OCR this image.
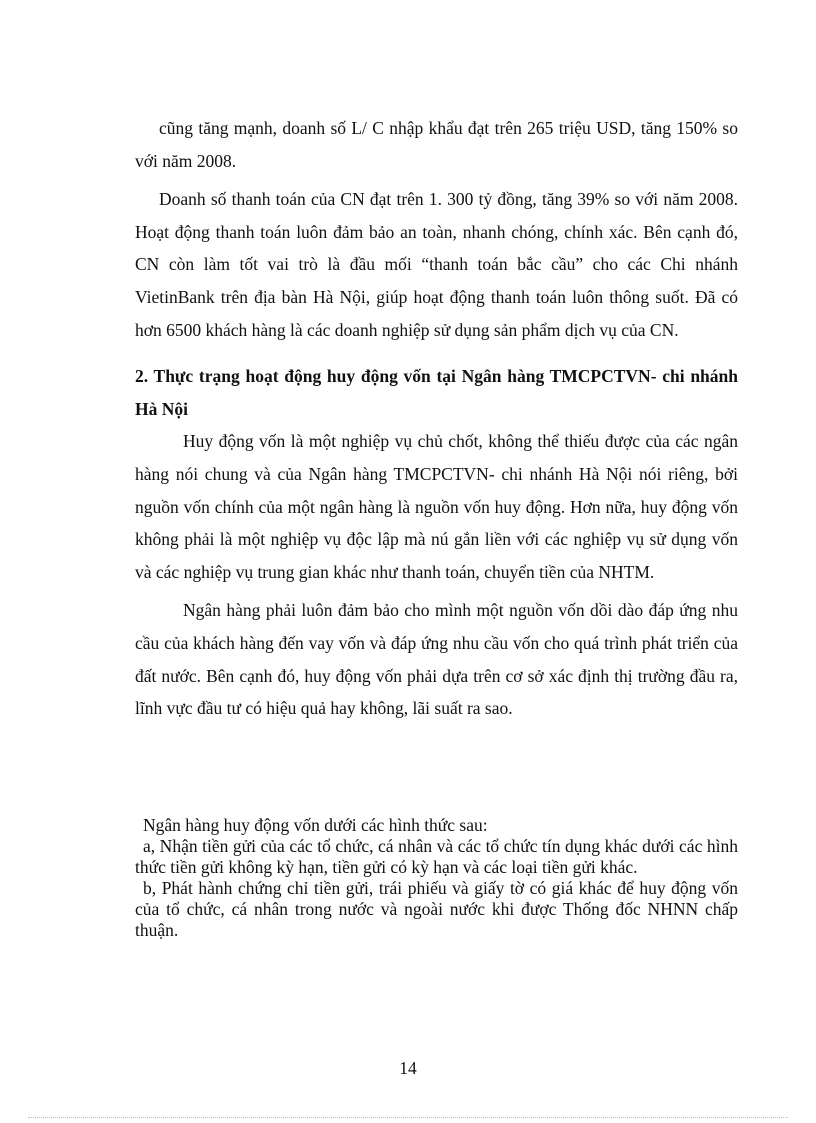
cũng tăng mạnh, doanh số L/ C nhập khẩu đạt trên 265 triệu USD, tăng 150% so với năm 2008.

Doanh số thanh toán của CN đạt trên 1. 300 tỷ đồng, tăng 39% so với năm 2008. Hoạt động thanh toán luôn đảm bảo an toàn, nhanh chóng, chính xác. Bên cạnh đó, CN còn làm tốt vai trò là đầu mối “thanh toán bắc cầu” cho các Chi nhánh VietinBank trên địa bàn Hà Nội, giúp hoạt động thanh toán luôn thông suốt. Đã có hơn 6500 khách hàng là các doanh nghiệp sử dụng sản phẩm dịch vụ của CN.

2. Thực trạng hoạt động huy động vốn tại Ngân hàng TMCPCTVN- chi nhánh Hà Nội

Huy động vốn là một nghiệp vụ chủ chốt, không thể thiếu được của các ngân hàng nói chung và của Ngân hàng TMCPCTVN- chi nhánh Hà Nội nói riêng, bởi nguồn vốn chính của một ngân hàng là nguồn vốn huy động. Hơn nữa, huy động vốn không phải là một nghiệp vụ độc lập mà nú gắn liền với các nghiệp vụ sử dụng vốn và các nghiệp vụ trung gian khác như thanh toán, chuyển tiền của NHTM.

Ngân hàng phải luôn đảm bảo cho mình một nguồn vốn dồi dào đáp ứng nhu cầu của khách hàng đến vay vốn và đáp ứng nhu cầu vốn cho quá trình phát triển của đất nước. Bên cạnh đó, huy động vốn phải dựa trên cơ sở xác định thị trường đầu ra, lĩnh vực đầu tư có hiệu quả hay không, lãi suất ra sao.

Ngân hàng huy động vốn dưới các hình thức sau:

a, Nhận tiền gửi của các tổ chức, cá nhân và các tổ chức tín dụng khác dưới các hình thức tiền gửi không kỳ hạn, tiền gửi có kỳ hạn và các loại tiền gửi khác.

b, Phát hành chứng chỉ tiền gửi, trái phiếu và giấy tờ có giá khác để huy động vốn của tổ chức, cá nhân trong nước và ngoài nước khi được Thống đốc NHNN chấp thuận.

14
